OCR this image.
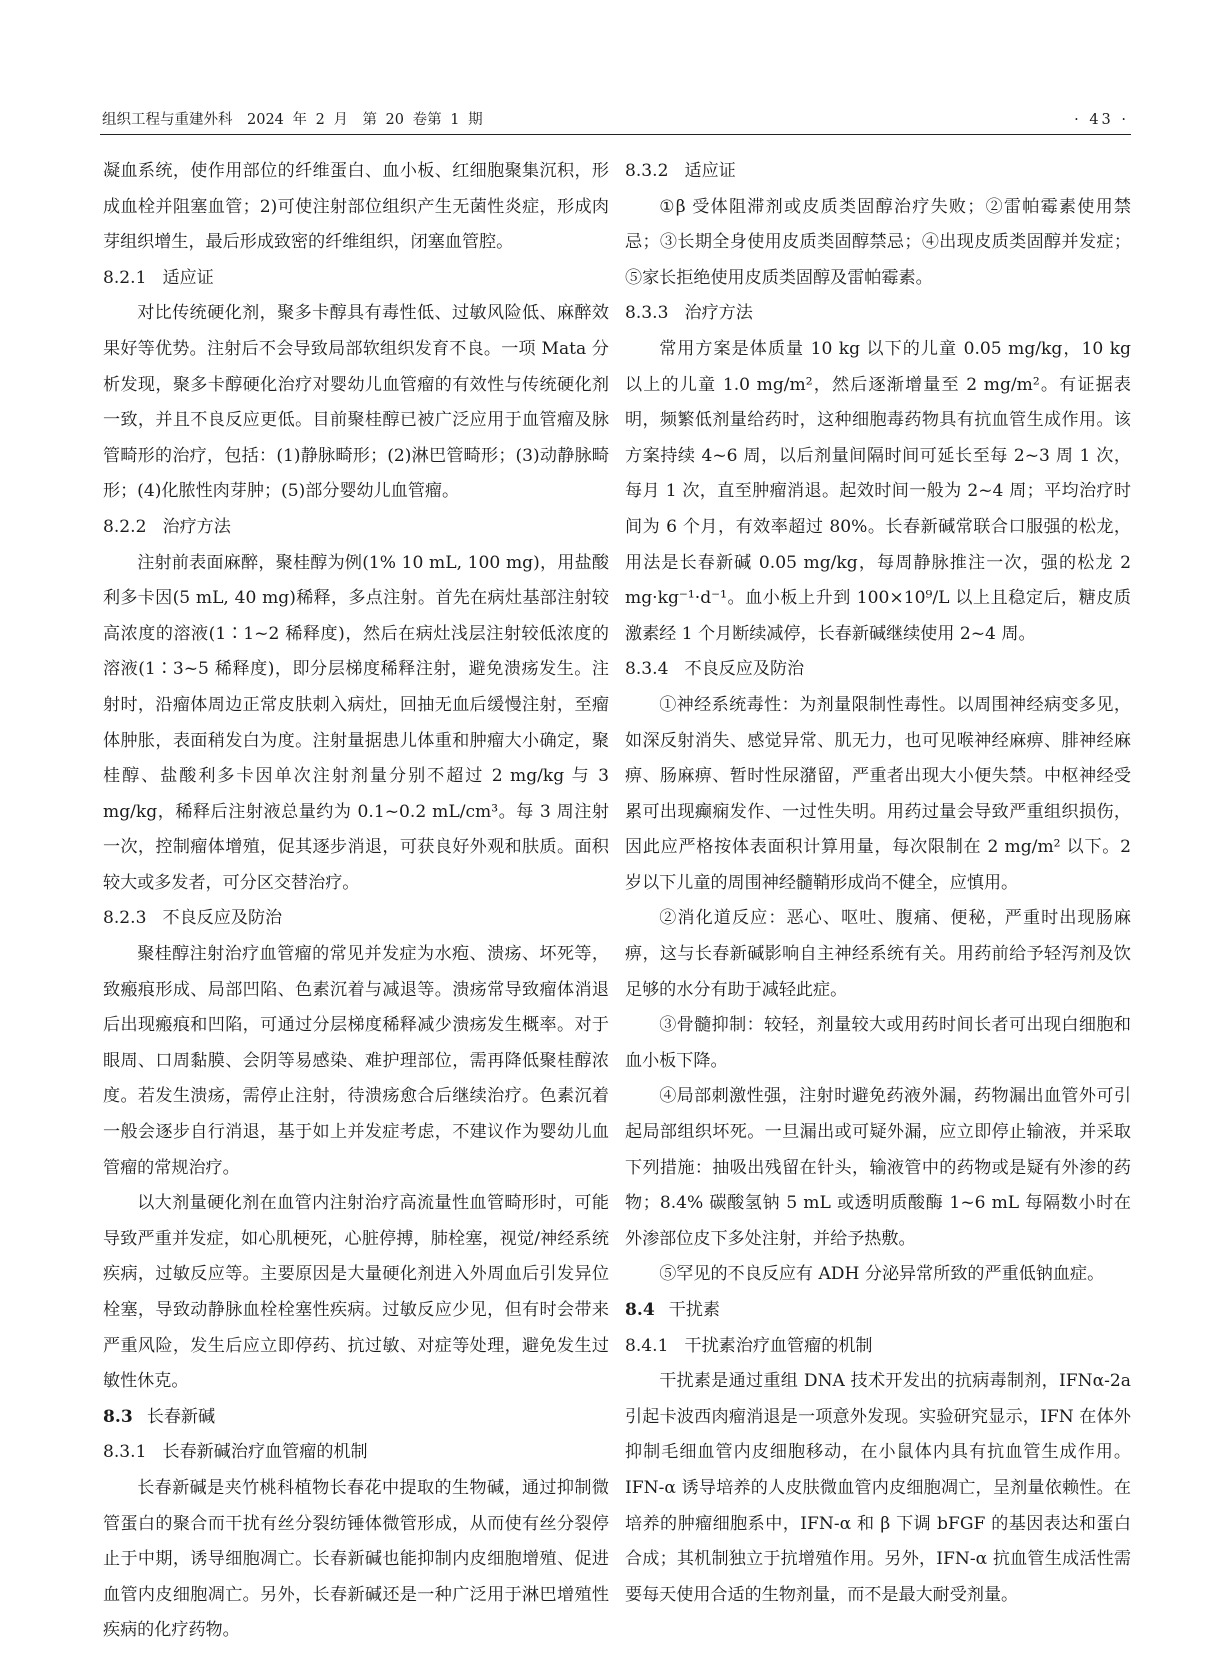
组织工程与重建外科　2024 年 2 月　第 20 卷第 1 期	· 43 ·

凝血系统，使作用部位的纤维蛋白、血小板、红细胞聚集沉积，形成血栓并阻塞血管；2)可使注射部位组织产生无菌性炎症，形成肉芽组织增生，最后形成致密的纤维组织，闭塞血管腔。

8.2.1 适应证

对比传统硬化剂，聚多卡醇具有毒性低、过敏风险低、麻醉效果好等优势。注射后不会导致局部软组织发育不良。一项 Mata 分析发现，聚多卡醇硬化治疗对婴幼儿血管瘤的有效性与传统硬化剂一致，并且不良反应更低。目前聚桂醇已被广泛应用于血管瘤及脉管畸形的治疗，包括：(1)静脉畸形；(2)淋巴管畸形；(3)动静脉畸形；(4)化脓性肉芽肿；(5)部分婴幼儿血管瘤。

8.2.2 治疗方法

注射前表面麻醉，聚桂醇为例(1% 10 mL, 100 mg)，用盐酸利多卡因(5 mL, 40 mg)稀释，多点注射。首先在病灶基部注射较高浓度的溶液(1∶1~2 稀释度)，然后在病灶浅层注射较低浓度的溶液(1∶3~5 稀释度)，即分层梯度稀释注射，避免溃疡发生。注射时，沿瘤体周边正常皮肤刺入病灶，回抽无血后缓慢注射，至瘤体肿胀，表面稍发白为度。注射量据患儿体重和肿瘤大小确定，聚桂醇、盐酸利多卡因单次注射剂量分别不超过 2 mg/kg 与 3 mg/kg，稀释后注射液总量约为 0.1~0.2 mL/cm³。每 3 周注射一次，控制瘤体增殖，促其逐步消退，可获良好外观和肤质。面积较大或多发者，可分区交替治疗。

8.2.3 不良反应及防治

聚桂醇注射治疗血管瘤的常见并发症为水疱、溃疡、坏死等，致瘢痕形成、局部凹陷、色素沉着与减退等。溃疡常导致瘤体消退后出现瘢痕和凹陷，可通过分层梯度稀释减少溃疡发生概率。对于眼周、口周黏膜、会阴等易感染、难护理部位，需再降低聚桂醇浓度。若发生溃疡，需停止注射，待溃疡愈合后继续治疗。色素沉着一般会逐步自行消退，基于如上并发症考虑，不建议作为婴幼儿血管瘤的常规治疗。

以大剂量硬化剂在血管内注射治疗高流量性血管畸形时，可能导致严重并发症，如心肌梗死，心脏停搏，肺栓塞，视觉/神经系统疾病，过敏反应等。主要原因是大量硬化剂进入外周血后引发异位栓塞，导致动静脉血栓栓塞性疾病。过敏反应少见，但有时会带来严重风险，发生后应立即停药、抗过敏、对症等处理，避免发生过敏性休克。

8.3 长春新碱
8.3.1 长春新碱治疗血管瘤的机制

长春新碱是夹竹桃科植物长春花中提取的生物碱，通过抑制微管蛋白的聚合而干扰有丝分裂纺锤体微管形成，从而使有丝分裂停止于中期，诱导细胞凋亡。长春新碱也能抑制内皮细胞增殖、促进血管内皮细胞凋亡。另外，长春新碱还是一种广泛用于淋巴增殖性疾病的化疗药物。

8.3.2 适应证

①β 受体阻滞剂或皮质类固醇治疗失败；②雷帕霉素使用禁忌；③长期全身使用皮质类固醇禁忌；④出现皮质类固醇并发症；⑤家长拒绝使用皮质类固醇及雷帕霉素。

8.3.3 治疗方法

常用方案是体质量 10 kg 以下的儿童 0.05 mg/kg，10 kg 以上的儿童 1.0 mg/m²，然后逐渐增量至 2 mg/m²。有证据表明，频繁低剂量给药时，这种细胞毒药物具有抗血管生成作用。该方案持续 4~6 周，以后剂量间隔时间可延长至每 2~3 周 1 次，每月 1 次，直至肿瘤消退。起效时间一般为 2~4 周；平均治疗时间为 6 个月，有效率超过 80%。长春新碱常联合口服强的松龙，用法是长春新碱 0.05 mg/kg，每周静脉推注一次，强的松龙 2 mg·kg⁻¹·d⁻¹。血小板上升到 100×10⁹/L 以上且稳定后，糖皮质激素经 1 个月断续减停，长春新碱继续使用 2~4 周。

8.3.4 不良反应及防治

①神经系统毒性：为剂量限制性毒性。以周围神经病变多见，如深反射消失、感觉异常、肌无力，也可见喉神经麻痹、腓神经麻痹、肠麻痹、暂时性尿潴留，严重者出现大小便失禁。中枢神经受累可出现癫痫发作、一过性失明。用药过量会导致严重组织损伤，因此应严格按体表面积计算用量，每次限制在 2 mg/m² 以下。2 岁以下儿童的周围神经髓鞘形成尚不健全，应慎用。

②消化道反应：恶心、呕吐、腹痛、便秘，严重时出现肠麻痹，这与长春新碱影响自主神经系统有关。用药前给予轻泻剂及饮足够的水分有助于减轻此症。

③骨髓抑制：较轻，剂量较大或用药时间长者可出现白细胞和血小板下降。

④局部刺激性强，注射时避免药液外漏，药物漏出血管外可引起局部组织坏死。一旦漏出或可疑外漏，应立即停止输液，并采取下列措施：抽吸出残留在针头，输液管中的药物或是疑有外渗的药物；8.4% 碳酸氢钠 5 mL 或透明质酸酶 1~6 mL 每隔数小时在外渗部位皮下多处注射，并给予热敷。

⑤罕见的不良反应有 ADH 分泌异常所致的严重低钠血症。

8.4 干扰素
8.4.1 干扰素治疗血管瘤的机制

干扰素是通过重组 DNA 技术开发出的抗病毒制剂，IFNα-2a 引起卡波西肉瘤消退是一项意外发现。实验研究显示，IFN 在体外抑制毛细血管内皮细胞移动，在小鼠体内具有抗血管生成作用。IFN-α 诱导培养的人皮肤微血管内皮细胞凋亡，呈剂量依赖性。在培养的肿瘤细胞系中，IFN-α 和 β 下调 bFGF 的基因表达和蛋白合成；其机制独立于抗增殖作用。另外，IFN-α 抗血管生成活性需要每天使用合适的生物剂量，而不是最大耐受剂量。
